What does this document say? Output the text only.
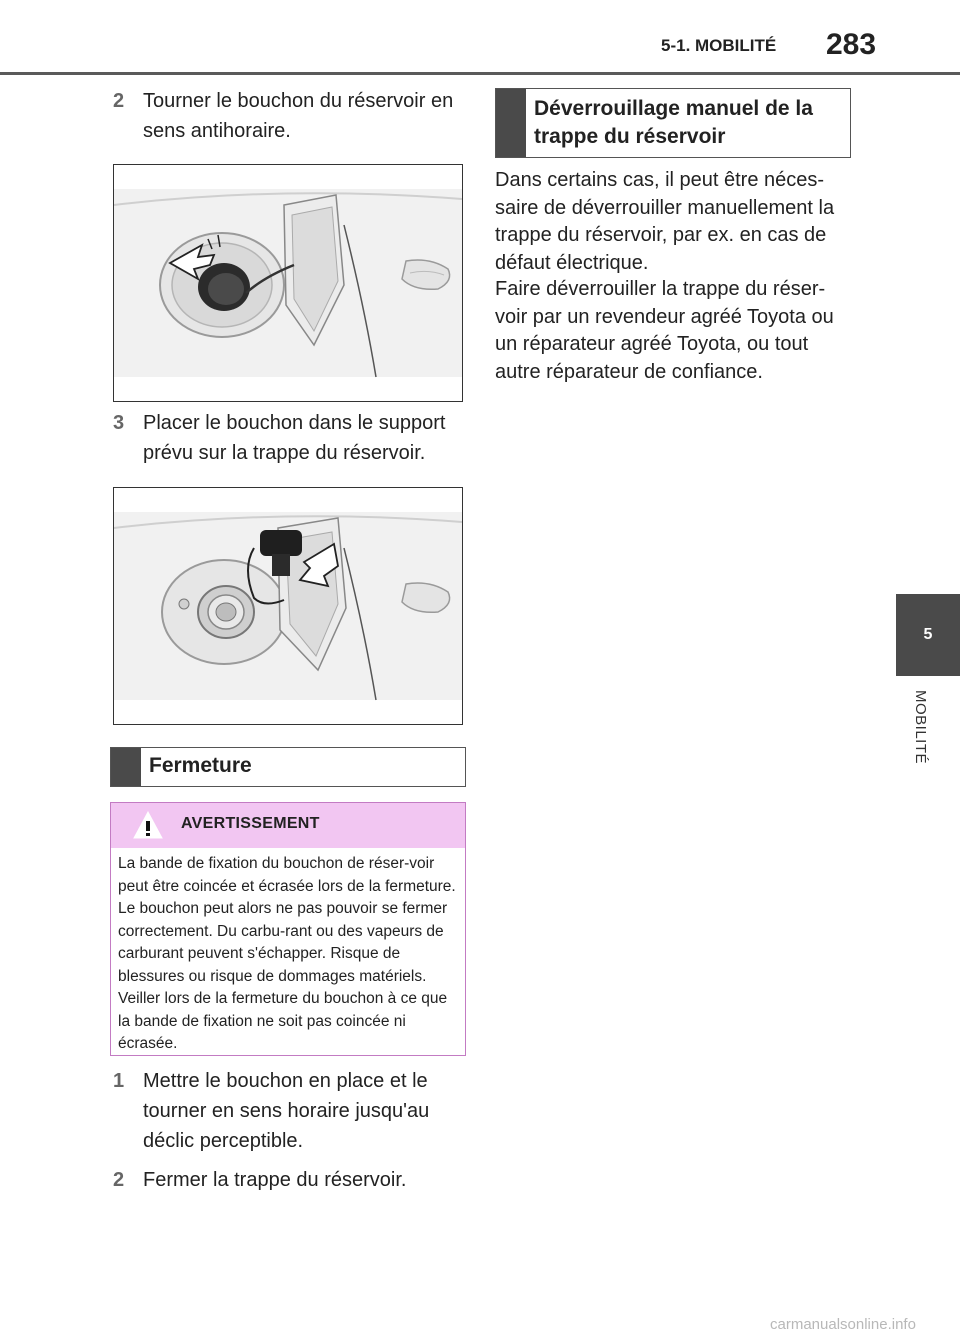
5-1. MOBILITÉ 283
5
MOBILITÉ
2 Tourner le bouchon du réservoir en sens antihoraire.
3 Placer le bouchon dans le support prévu sur la trappe du réservoir.
Fermeture
AVERTISSEMENT
La bande de fixation du bouchon de réser-voir peut être coincée et écrasée lors de la fermeture. Le bouchon peut alors ne pas pouvoir se fermer correctement. Du carbu-rant ou des vapeurs de carburant peuvent s'échapper. Risque de blessures ou risque de dommages matériels. Veiller lors de la fermeture du bouchon à ce que la bande de fixation ne soit pas coincée ni écrasée.
1 Mettre le bouchon en place et le tourner en sens horaire jusqu'au déclic perceptible.
2 Fermer la trappe du réservoir.
Déverrouillage manuel de la trappe du réservoir
Dans certains cas, il peut être néces-saire de déverrouiller manuellement la trappe du réservoir, par ex. en cas de défaut électrique.
Faire déverrouiller la trappe du réser-voir par un revendeur agréé Toyota ou un réparateur agréé Toyota, ou tout autre réparateur de confiance.
carmanualsonline.info
